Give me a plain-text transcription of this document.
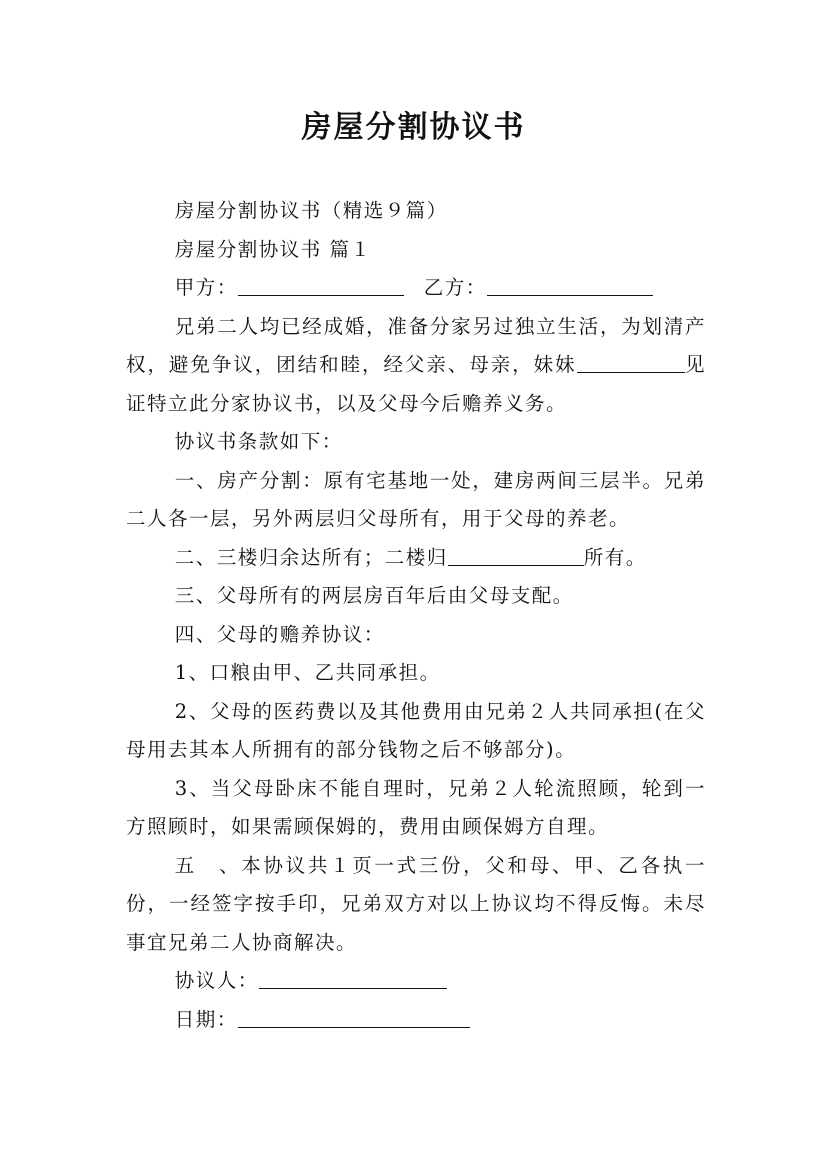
房屋分割协议书

房屋分割协议书（精选９篇）

房屋分割协议书 篇１

甲方：	乙方：

兄弟二人均已经成婚，准备分家另过独立生活，为划清产权，避免争议，团结和睦，经父亲、母亲，妹妹	见证特立此分家协议书，以及父母今后赡养义务。

协议书条款如下：

一、房产分割：原有宅基地一处，建房两间三层半。兄弟二人各一层，另外两层归父母所有，用于父母的养老。

二、三楼归余达所有；二楼归	所有。

三、父母所有的两层房百年后由父母支配。

四、父母的赡养协议：

1、口粮由甲、乙共同承担。

2、父母的医药费以及其他费用由兄弟２人共同承担(在父母用去其本人所拥有的部分钱物之后不够部分)。

3、当父母卧床不能自理时，兄弟２人轮流照顾，轮到一方照顾时，如果需顾保姆的，费用由顾保姆方自理。

五　、本协议共１页一式三份，父和母、甲、乙各执一份，一经签字按手印，兄弟双方对以上协议均不得反悔。未尽事宜兄弟二人协商解决。

协议人：

日期：
